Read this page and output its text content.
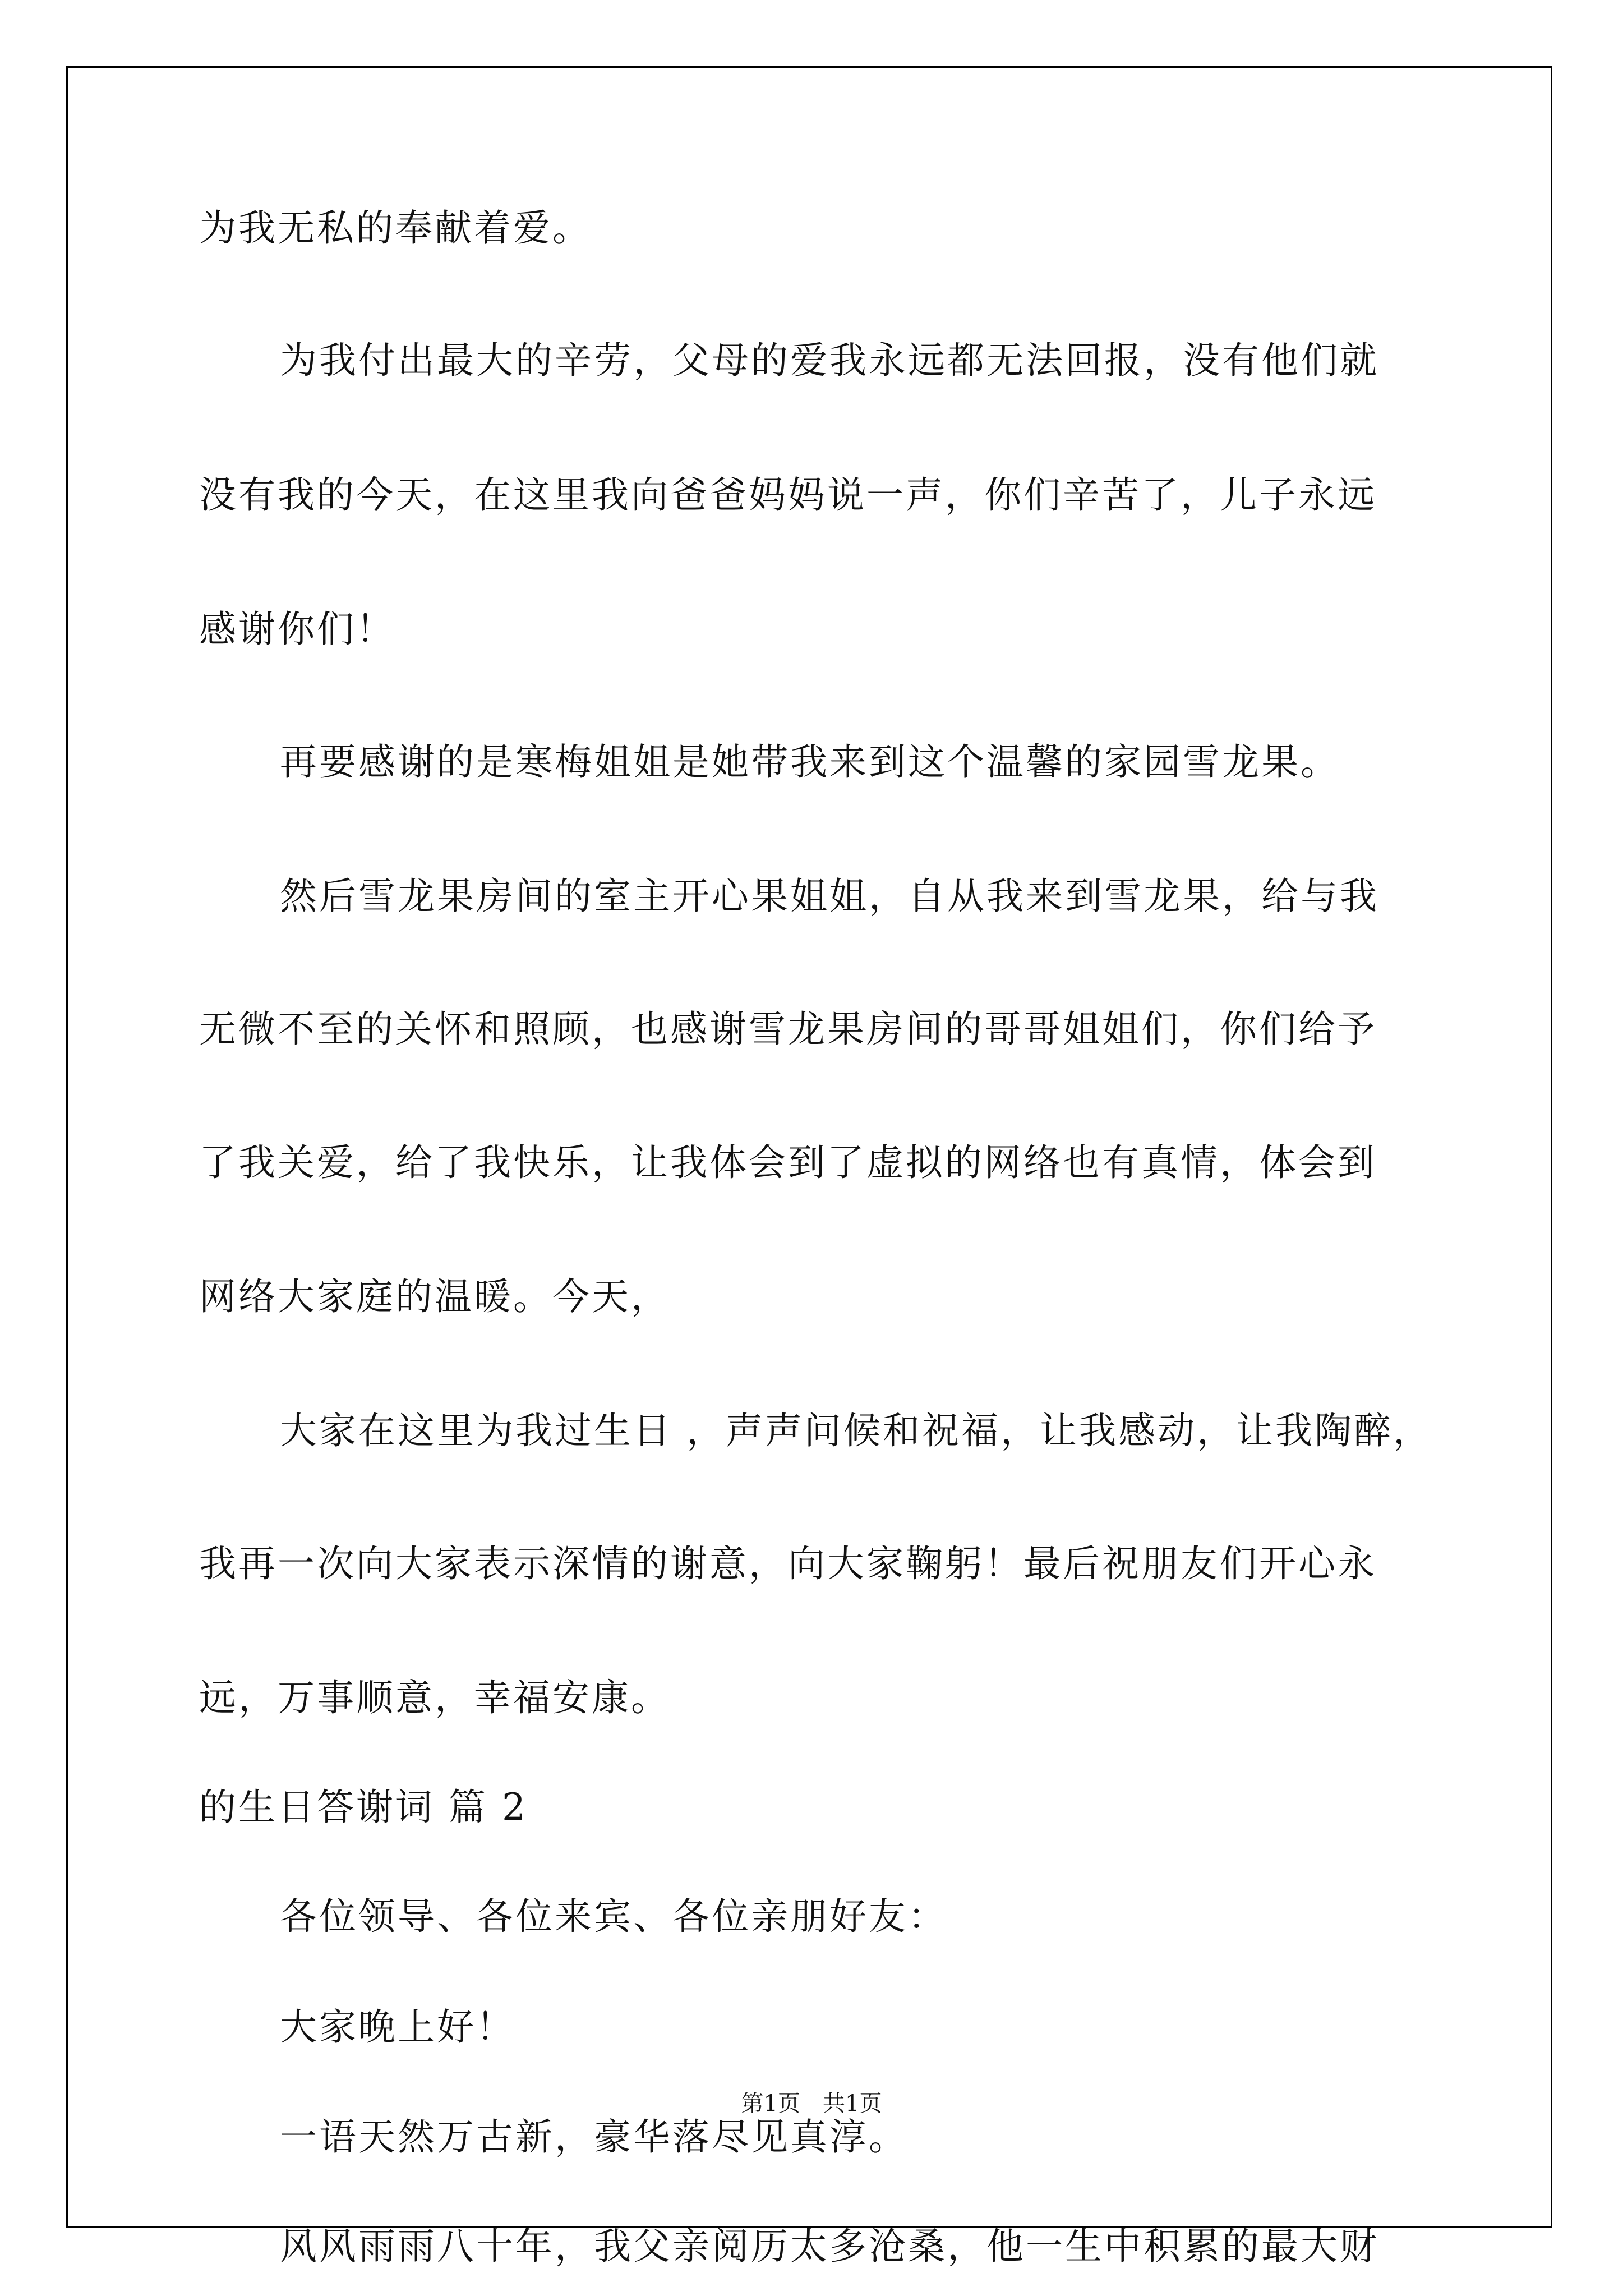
为我无私的奉献着爱。
为我付出最大的辛劳，父母的爱我永远都无法回报，没有他们就
没有我的今天，在这里我向爸爸妈妈说一声，你们辛苦了，儿子永远
感谢你们！
再要感谢的是寒梅姐姐是她带我来到这个温馨的家园雪龙果。
然后雪龙果房间的室主开心果姐姐，自从我来到雪龙果，给与我
无微不至的关怀和照顾，也感谢雪龙果房间的哥哥姐姐们，你们给予
了我关爱，给了我快乐，让我体会到了虚拟的网络也有真情，体会到
网络大家庭的温暖。今天，
大家在这里为我过生日 ，声声问候和祝福，让我感动，让我陶醉，
我再一次向大家表示深情的谢意，向大家鞠躬！最后祝朋友们开心永
远，万事顺意，幸福安康。
的生日答谢词 篇 2
各位领导、各位来宾、各位亲朋好友：
大家晚上好！
一语天然万古新，豪华落尽见真淳。
风风雨雨八十年，我父亲阅历太多沧桑，他一生中积累的最大财
第1页　共1页
